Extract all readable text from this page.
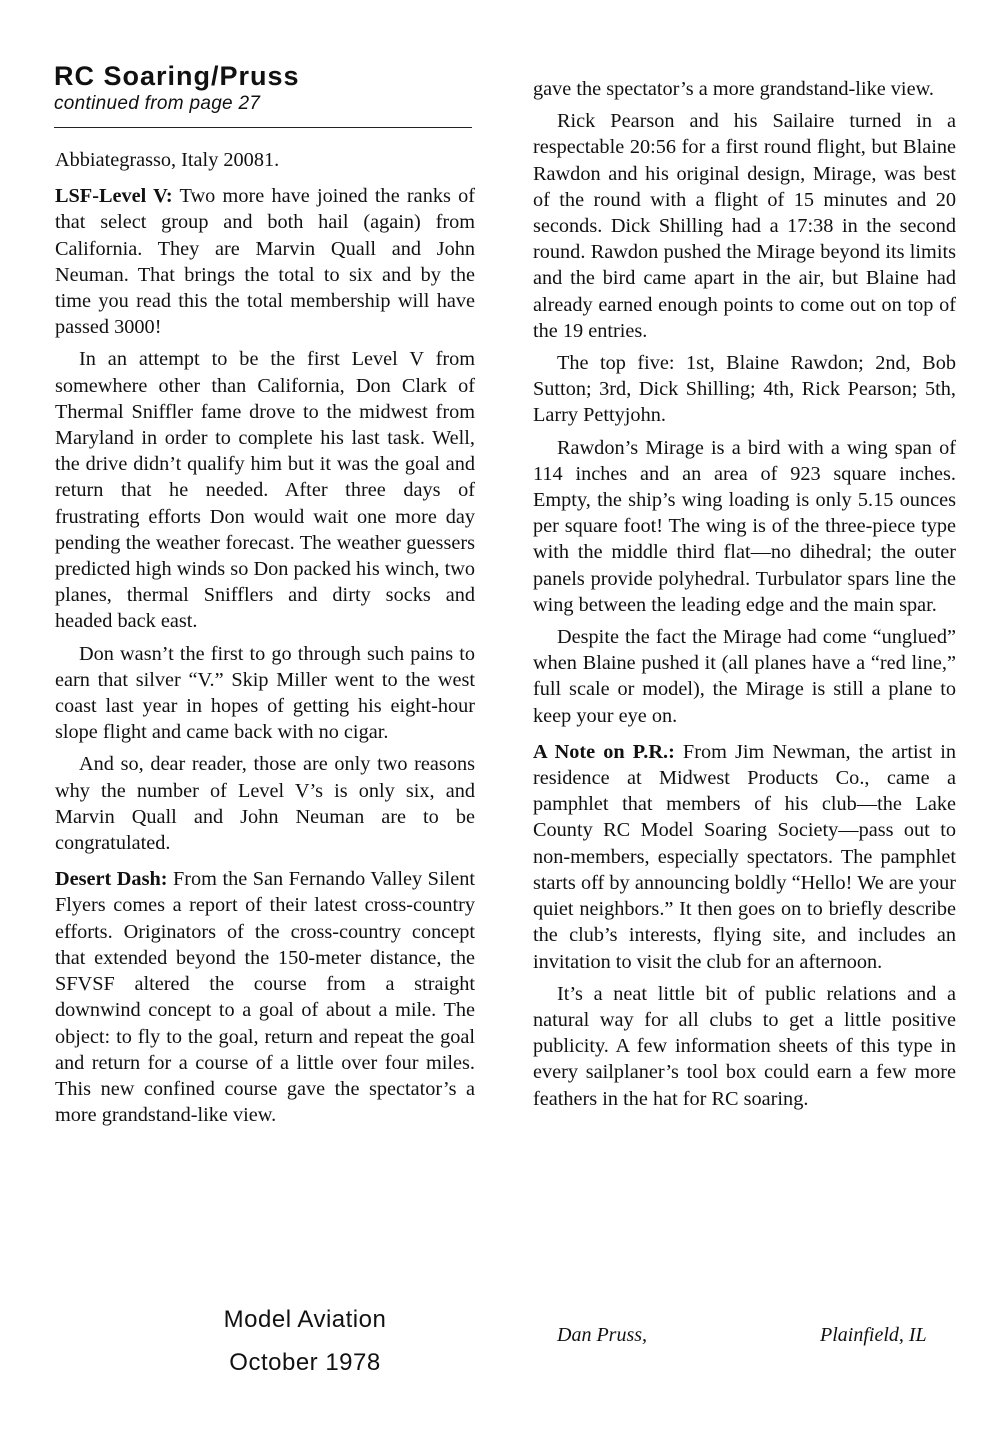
RC Soaring/Pruss
continued from page 27

Abbiategrasso, Italy 20081.

LSF-Level V: Two more have joined the ranks of that select group and both hail (again) from California. They are Marvin Quall and John Neuman. That brings the total to six and by the time you read this the total membership will have passed 3000!

In an attempt to be the first Level V from somewhere other than California, Don Clark of Thermal Sniffler fame drove to the midwest from Maryland in order to complete his last task. Well, the drive didn’t qualify him but it was the goal and return that he needed. After three days of frustrating efforts Don would wait one more day pending the weather forecast. The weather guessers predicted high winds so Don packed his winch, two planes, thermal Snifflers and dirty socks and headed back east.

Don wasn’t the first to go through such pains to earn that silver “V.” Skip Miller went to the west coast last year in hopes of getting his eight-hour slope flight and came back with no cigar.

And so, dear reader, those are only two reasons why the number of Level V’s is only six, and Marvin Quall and John Neuman are to be congratulated.

Desert Dash: From the San Fernando Valley Silent Flyers comes a report of their latest cross-country efforts. Originators of the cross-country concept that extended beyond the 150-meter distance, the SFVSF altered the course from a straight downwind concept to a goal of about a mile. The object: to fly to the goal, return and repeat the goal and return for a course of a little over four miles. This new confined course gave the spectator’s a more grandstand-like view.

gave the spectator’s a more grandstand-like view.

Rick Pearson and his Sailaire turned in a respectable 20:56 for a first round flight, but Blaine Rawdon and his original design, Mirage, was best of the round with a flight of 15 minutes and 20 seconds. Dick Shilling had a 17:38 in the second round. Rawdon pushed the Mirage beyond its limits and the bird came apart in the air, but Blaine had already earned enough points to come out on top of the 19 entries.

The top five: 1st, Blaine Rawdon; 2nd, Bob Sutton; 3rd, Dick Shilling; 4th, Rick Pearson; 5th, Larry Pettyjohn.

Rawdon’s Mirage is a bird with a wing span of 114 inches and an area of 923 square inches. Empty, the ship’s wing loading is only 5.15 ounces per square foot! The wing is of the three-piece type with the middle third flat—no dihedral; the outer panels provide polyhedral. Turbulator spars line the wing between the leading edge and the main spar.

Despite the fact the Mirage had come “unglued” when Blaine pushed it (all planes have a “red line,” full scale or model), the Mirage is still a plane to keep your eye on.

A Note on P.R.: From Jim Newman, the artist in residence at Midwest Products Co., came a pamphlet that members of his club—the Lake County RC Model Soaring Society—pass out to non-members, especially spectators. The pamphlet starts off by announcing boldly “Hello! We are your quiet neighbors.” It then goes on to briefly describe the club’s interests, flying site, and includes an invitation to visit the club for an afternoon.

It’s a neat little bit of public relations and a natural way for all clubs to get a little positive publicity. A few information sheets of this type in every sailplaner’s tool box could earn a few more feathers in the hat for RC soaring.

Model Aviation
October 1978
Dan Pruss,	Plainfield, IL
